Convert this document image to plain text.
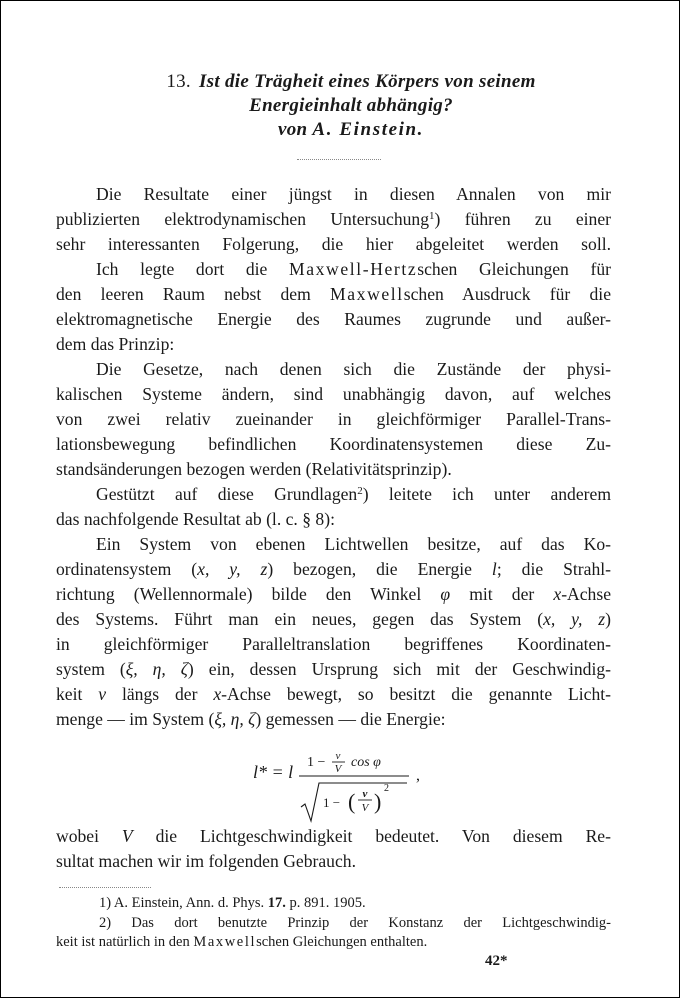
13. Ist die Trägheit eines Körpers von seinem
Energieinhalt abhängig?
von A. Einstein.
Die Resultate einer jüngst in diesen Annalen von mir
publizierten elektrodynamischen Untersuchung$^1$) führen zu einer
sehr interessanten Folgerung, die hier abgeleitet werden soll.
Ich legte dort die Maxwell-Hertzschen Gleichungen für
den leeren Raum nebst dem Maxwellschen Ausdruck für die
elektromagnetische Energie des Raumes zugrunde und außer-
dem das Prinzip:
Die Gesetze, nach denen sich die Zustände der physi-
kalischen Systeme ändern, sind unabhängig davon, auf welches
von zwei relativ zueinander in gleichförmiger Parallel-Trans-
lationsbewegung befindlichen Koordinatensystemen diese Zu-
standsänderungen bezogen werden (Relativitätsprinzip).
Gestützt auf diese Grundlagen$^2$) leitete ich unter anderem
das nachfolgende Resultat ab (l. c. § 8):
Ein System von ebenen Lichtwellen besitze, auf das Ko-
ordinatensystem (x, y, z) bezogen, die Energie l; die Strahl-
richtung (Wellennormale) bilde den Winkel φ mit der x-Achse
des Systems. Führt man ein neues, gegen das System (x, y, z)
in gleichförmiger Paralleltranslation begriffenes Koordinaten-
system (ξ, η, ζ) ein, dessen Ursprung sich mit der Geschwindig-
keit v längs der x-Achse bewegt, so besitzt die genannte Licht-
menge — im System (ξ, η, ζ) gemessen — die Energie:
l* = l 1 − v
V cos φ
1 − ( v
V )
2
,
wobei V die Lichtgeschwindigkeit bedeutet. Von diesem Re-
sultat machen wir im folgenden Gebrauch.
1) A. Einstein, Ann. d. Phys. 17. p. 891. 1905.
2) Das dort benutzte Prinzip der Konstanz der Lichtgeschwindig-
keit ist natürlich in den Maxwellschen Gleichungen enthalten.
42*
